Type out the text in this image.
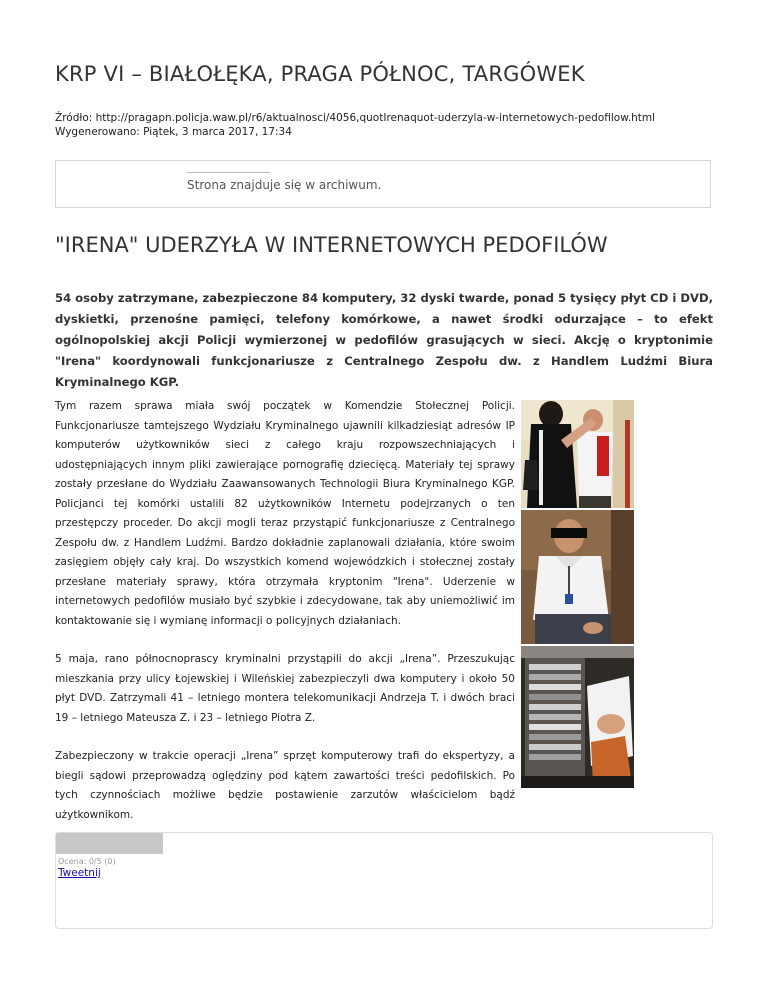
KRP VI – BIAŁOŁĘKA, PRAGA PÓŁNOC, TARGÓWEK
Źródło: http://pragapn.policja.waw.pl/r6/aktualnosci/4056,quotIrenaquot-uderzyla-w-internetowych-pedofilow.html
Wygenerowano: Piątek, 3 marca 2017, 17:34
Strona znajduje się w archiwum.
"IRENA" UDERZYŁA W INTERNETOWYCH PEDOFILÓW

54 osoby zatrzymane, zabezpieczone 84 komputery, 32 dyski twarde, ponad 5 tysięcy płyt CD i DVD, dyskietki, przenośne pamięci, telefony komórkowe, a nawet środki odurzające – to efekt ogólnopolskiej akcji Policji wymierzonej w pedofilów grasujących w sieci. Akcję o kryptonimie "Irena" koordynowali funkcjonariusze z Centralnego Zespołu dw. z Handlem Ludźmi Biura Kryminalnego KGP.

Tym razem sprawa miała swój początek w Komendzie Stołecznej Policji. Funkcjonariusze tamtejszego Wydziału Kryminalnego ujawnili kilkadziesiąt adresów IP komputerów użytkowników sieci z całego kraju rozpowszechniających i udostępniających innym pliki zawierające pornografię dziecięcą. Materiały tej sprawy zostały przesłane do Wydziału Zaawansowanych Technologii Biura Kryminalnego KGP. Policjanci tej komórki ustalili 82 użytkowników Internetu podejrzanych o ten przestępczy proceder. Do akcji mogli teraz przystąpić funkcjonariusze z Centralnego Zespołu dw. z Handlem Ludźmi. Bardzo dokładnie zaplanowali działania, które swoim zasięgiem objęły cały kraj. Do wszystkich komend wojewódzkich i stołecznej zostały przesłane materiały sprawy, która otrzymała kryptonim "Irena". Uderzenie w internetowych pedofilów musiało być szybkie i zdecydowane, tak aby uniemożliwić im kontaktowanie się i wymianę informacji o policyjnych działaniach.

5 maja, rano północnoprascy kryminalni przystąpili do akcji „Irena”. Przeszukując mieszkania przy ulicy Łojewskiej i Wileńskiej zabezpieczyli dwa komputery i około 50 płyt DVD. Zatrzymali 41 – letniego montera telekomunikacji Andrzeja T. i dwóch braci 19 – letniego Mateusza Z. i 23 – letniego Piotra Z.

Zabezpieczony w trakcie operacji „Irena” sprzęt komputerowy trafi do ekspertyzy, a biegli sądowi przeprowadzą oględziny pod kątem zawartości treści pedofilskich. Po tych czynnościach możliwe będzie postawienie zarzutów właścicielom bądź użytkownikom.

Ocena: 0/5 (0)
Tweetnij
